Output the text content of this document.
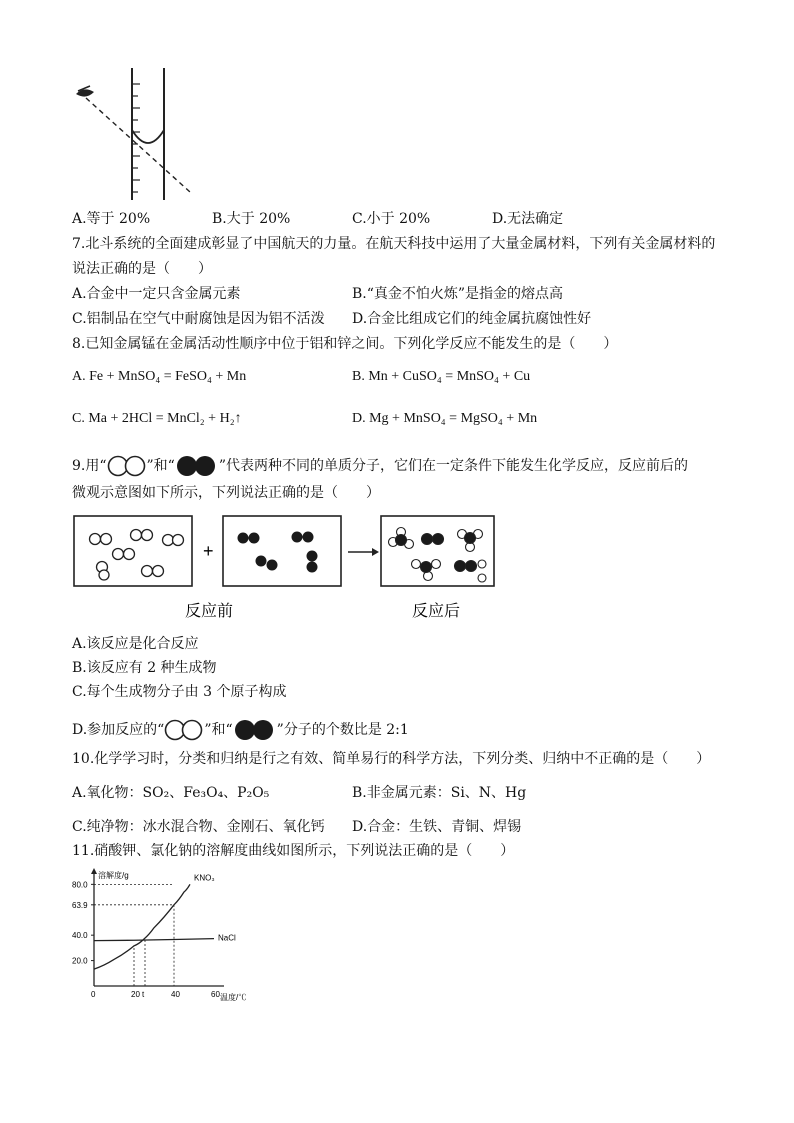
A.等于 20%	B.大于 20%	C.小于 20%	D.无法确定
7.北斗系统的全面建成彰显了中国航天的力量。在航天科技中运用了大量金属材料，下列有关金属材料的
说法正确的是（　　）
A.合金中一定只含金属元素	B.“真金不怕火炼”是指金的熔点高
C.铝制品在空气中耐腐蚀是因为铝不活泼 D.合金比组成它们的纯金属抗腐蚀性好
8.已知金属锰在金属活动性顺序中位于铝和锌之间。下列化学反应不能发生的是（　　）
A. Fe + MnSO₄ = FeSO₄ + Mn	B. Mn + CuSO₄ = MnSO₄ + Cu
C. Ma + 2HCl = MnCl₂ + H₂↑	D. Mg + MnSO₄ = MgSO₄ + Mn
9.用“	”和“	”代表两种不同的单质分子，它们在一定条件下能发生化学反应，反应前后的
微观示意图如下所示，下列说法正确的是（　　）
+
反应前	反应后
A.该反应是化合反应
B.该反应有 2 种生成物
C.每个生成物分子由 3 个原子构成
D.参加反应的“	”和“	”分子的个数比是 2:1
10.化学学习时，分类和归纳是行之有效、简单易行的科学方法，下列分类、归纳中不正确的是（　　）
A.氧化物：SO₂、Fe₃O₄、P₂O₅	B.非金属元素：Si、N、Hg
C.纯净物：冰水混合物、金刚石、氧化钙 D.合金：生铁、青铜、焊锡
11.硝酸钾、氯化钠的溶解度曲线如图所示，下列说法正确的是（　　）
溶解度/g
温度/℃
0	20 t	40	60
20.0
40.0
63.9
80.0
KNO₃
NaCl
